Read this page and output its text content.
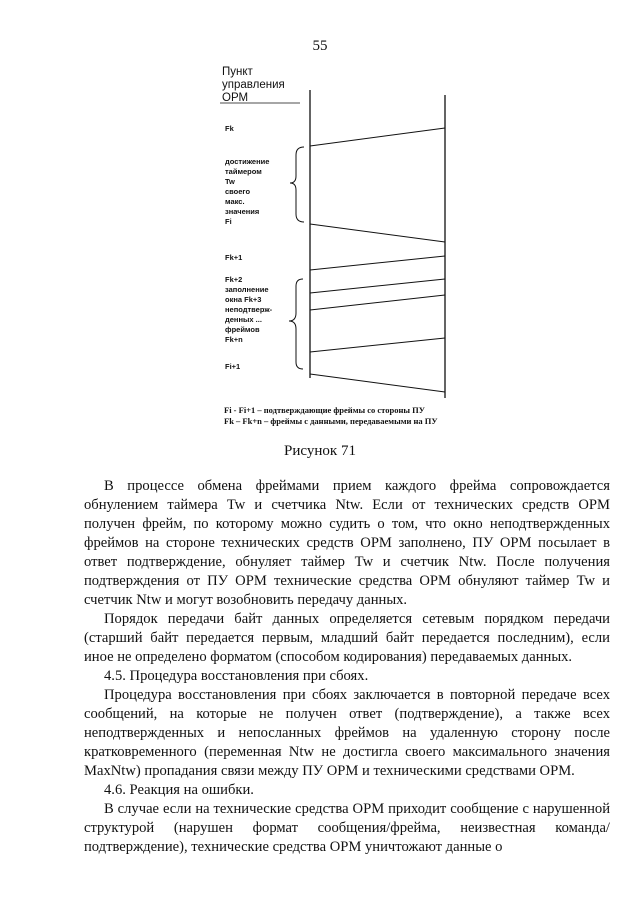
55
Пункт
управления
ОРМ
Fk
достижение
таймером
Tw
своего
макс.
значения
Fi
Fk+1
Fk+2
заполнение
окна Fk+3
неподтверж-
денных ...
фреймов
Fk+n
Fi+1
Fi - Fi+1 – подтверждающие фреймы со стороны ПУ
Fk – Fk+n – фреймы с данными, передаваемыми на ПУ
Рисунок 71

В процессе обмена фреймами прием каждого фрейма сопровождается обнулением таймера Tw и счетчика Ntw. Если от технических средств ОРМ получен фрейм, по которому можно судить о том, что окно неподтвержденных фреймов на стороне технических средств ОРМ заполнено, ПУ ОРМ посылает в ответ подтверждение, обнуляет таймер Tw и счетчик Ntw. После получения подтверждения от ПУ ОРМ технические средства ОРМ обнуляют таймер Tw и счетчик Ntw и могут возобновить передачу данных.

Порядок передачи байт данных определяется сетевым порядком передачи (старший байт передается первым, младший байт передается последним), если иное не определено форматом (способом кодирования) передаваемых данных.

4.5. Процедура восстановления при сбоях.

Процедура восстановления при сбоях заключается в повторной передаче всех сообщений, на которые не получен ответ (подтверждение), а также всех неподтвержденных и непосланных фреймов на удаленную сторону после кратковременного (переменная Ntw не достигла своего максимального значения MaxNtw) пропадания связи между ПУ ОРМ и техническими средствами ОРМ.

4.6. Реакция на ошибки.

В случае если на технические средства ОРМ приходит сообщение с нарушенной структурой (нарушен формат сообщения/фрейма, неизвестная команда/подтверждение), технические средства ОРМ уничтожают данные о
